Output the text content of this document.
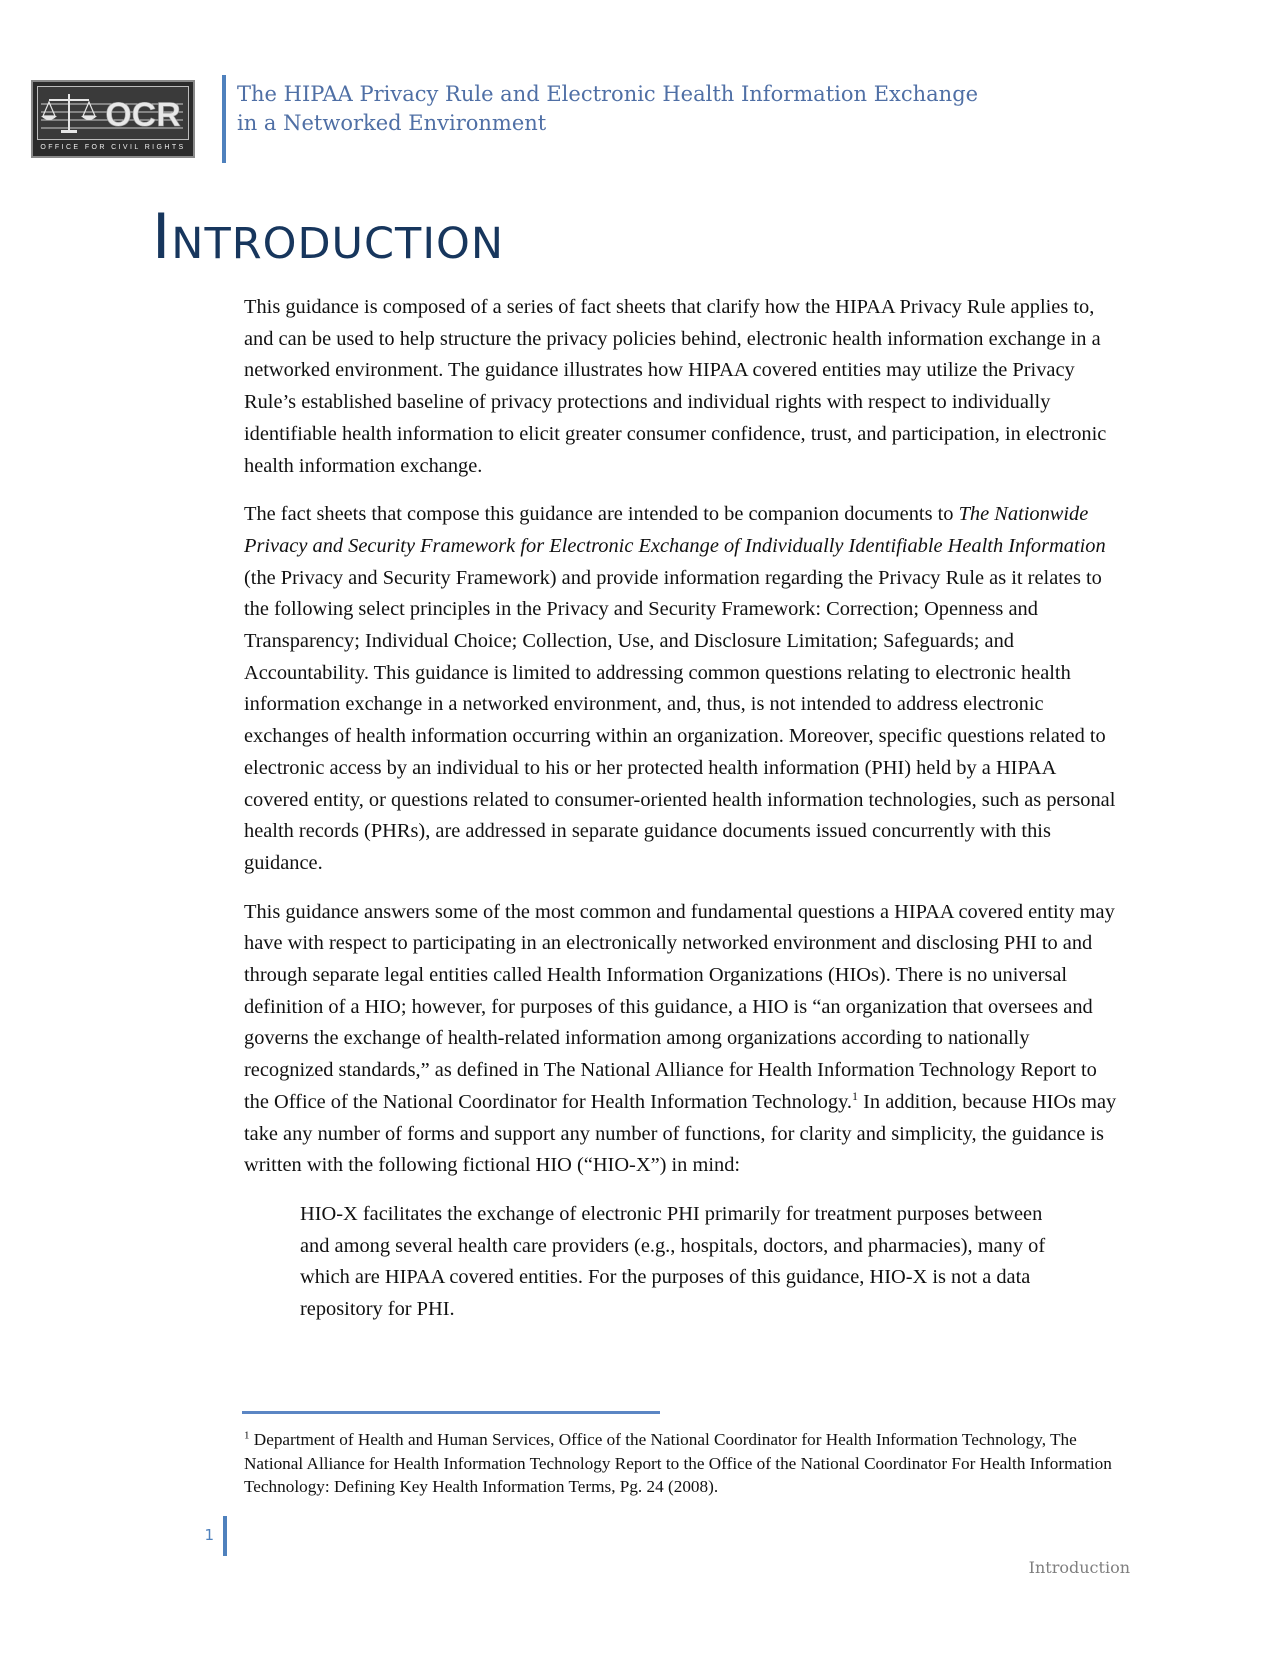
OCR
OFFICE FOR CIVIL RIGHTS
The HIPAA Privacy Rule and Electronic Health Information Exchange
in a Networked Environment
Introduction

This guidance is composed of a series of fact sheets that clarify how the HIPAA Privacy Rule applies to, and can be used to help structure the privacy policies behind, electronic health information exchange in a networked environment. The guidance illustrates how HIPAA covered entities may utilize the Privacy Rule’s established baseline of privacy protections and individual rights with respect to individually identifiable health information to elicit greater consumer confidence, trust, and participation, in electronic health information exchange.

The fact sheets that compose this guidance are intended to be companion documents to The Nationwide Privacy and Security Framework for Electronic Exchange of Individually Identifiable Health Information (the Privacy and Security Framework) and provide information regarding the Privacy Rule as it relates to the following select principles in the Privacy and Security Framework: Correction; Openness and Transparency; Individual Choice; Collection, Use, and Disclosure Limitation; Safeguards; and Accountability. This guidance is limited to addressing common questions relating to electronic health information exchange in a networked environment, and, thus, is not intended to address electronic exchanges of health information occurring within an organization. Moreover, specific questions related to electronic access by an individual to his or her protected health information (PHI) held by a HIPAA covered entity, or questions related to consumer-oriented health information technologies, such as personal health records (PHRs), are addressed in separate guidance documents issued concurrently with this guidance.

This guidance answers some of the most common and fundamental questions a HIPAA covered entity may have with respect to participating in an electronically networked environment and disclosing PHI to and through separate legal entities called Health Information Organizations (HIOs). There is no universal definition of a HIO; however, for purposes of this guidance, a HIO is “an organization that oversees and governs the exchange of health-related information among organizations according to nationally recognized standards,” as defined in The National Alliance for Health Information Technology Report to the Office of the National Coordinator for Health Information Technology.$^1$ In addition, because HIOs may take any number of forms and support any number of functions, for clarity and simplicity, the guidance is written with the following fictional HIO (“HIO-X”) in mind:

HIO-X facilitates the exchange of electronic PHI primarily for treatment purposes between and among several health care providers (e.g., hospitals, doctors, and pharmacies), many of which are HIPAA covered entities. For the purposes of this guidance, HIO-X is not a data repository for PHI.

$^1$ Department of Health and Human Services, Office of the National Coordinator for Health Information Technology, The National Alliance for Health Information Technology Report to the Office of the National Coordinator For Health Information Technology: Defining Key Health Information Terms, Pg. 24 (2008).
1
Introduction
